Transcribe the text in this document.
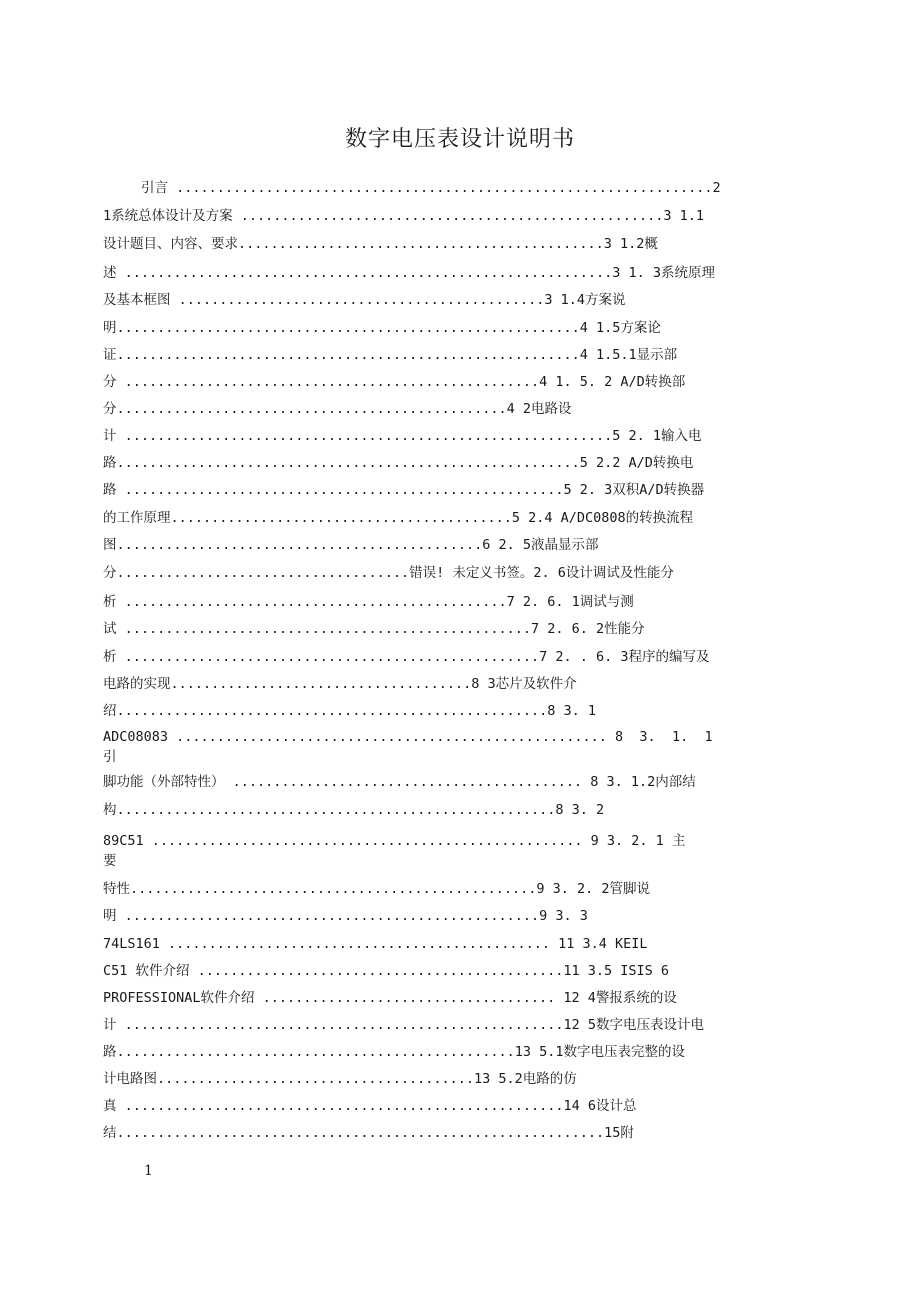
数字电压表设计说明书
引言 ..................................................................2
1系统总体设计及方案 ....................................................3 1.1
设计题目、内容、要求.............................................3 1.2概
述 ............................................................3 1. 3系统原理
及基本框图 .............................................3 1.4方案说
明.........................................................4 1.5方案论
证.........................................................4 1.5.1显示部
分 ...................................................4 1. 5. 2 A/D转换部
分................................................4 2电路设
计 ............................................................5 2. 1输入电
路.........................................................5 2.2 A/D转换电
路 ......................................................5 2. 3双积A/D转换器
的工作原理..........................................5 2.4 A/DC0808的转换流程
图.............................................6 2. 5液晶显示部
分....................................错误! 未定义书签。2. 6设计调试及性能分
析 ...............................................7 2. 6. 1调试与测
试 ..................................................7 2. 6. 2性能分
析 ...................................................7 2. . 6. 3程序的编写及
电路的实现.....................................8 3芯片及软件介
绍.....................................................8 3. 1
ADC08083 ..................................................... 8  3.  1.  1
引
脚功能（外部特性） ........................................... 8 3. 1.2内部结
构......................................................8 3. 2
89C51 ..................................................... 9 3. 2. 1 主
要
特性..................................................9 3. 2. 2管脚说
明 ...................................................9 3. 3
74LS161 ............................................... 11 3.4 KEIL
C51 软件介绍 .............................................11 3.5 ISIS 6
PROFESSIONAL软件介绍 .................................... 12 4警报系统的设
计 ......................................................12 5数字电压表设计电
路.................................................13 5.1数字电压表完整的设
计电路图.......................................13 5.2电路的仿
真 ......................................................14 6设计总
结............................................................15附
1
